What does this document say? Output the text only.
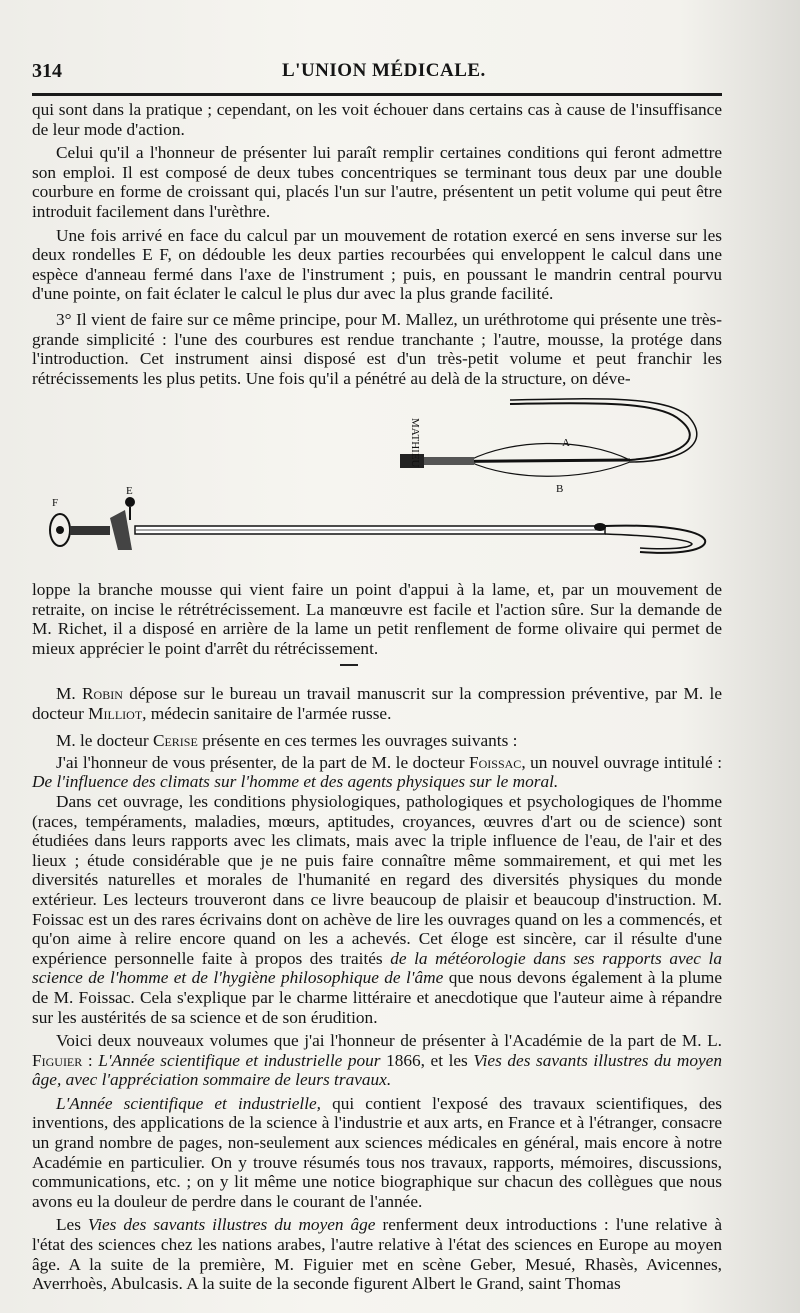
314	L'UNION MÉDICALE.

qui sont dans la pratique ; cependant, on les voit échouer dans certains cas à cause de l'insuffisance de leur mode d'action.

Celui qu'il a l'honneur de présenter lui paraît remplir certaines conditions qui feront admettre son emploi. Il est composé de deux tubes concentriques se terminant tous deux par une double courbure en forme de croissant qui, placés l'un sur l'autre, présentent un petit volume qui peut être introduit facilement dans l'urèthre.

Une fois arrivé en face du calcul par un mouvement de rotation exercé en sens inverse sur les deux rondelles E F, on dédouble les deux parties recourbées qui enveloppent le calcul dans une espèce d'anneau fermé dans l'axe de l'instrument ; puis, en poussant le mandrin central pourvu d'une pointe, on fait éclater le calcul le plus dur avec la plus grande facilité.

3° Il vient de faire sur ce même principe, pour M. Mallez, un uréthrotome qui présente une très-grande simplicité : l'une des courbures est rendue tranchante ; l'autre, mousse, la protége dans l'introduction. Cet instrument ainsi disposé est d'un très-petit volume et peut franchir les rétrécissements les plus petits. Une fois qu'il a pénétré au delà de la structure, on déve-

MATHIEU	A
B
E
F

loppe la branche mousse qui vient faire un point d'appui à la lame, et, par un mouvement de retraite, on incise le rétrétrécissement. La manœuvre est facile et l'action sûre. Sur la demande de M. Richet, il a disposé en arrière de la lame un petit renflement de forme olivaire qui permet de mieux apprécier le point d'arrêt du rétrécissement.

M. Robin dépose sur le bureau un travail manuscrit sur la compression préventive, par M. le docteur Milliot, médecin sanitaire de l'armée russe.

M. le docteur Cerise présente en ces termes les ouvrages suivants :

J'ai l'honneur de vous présenter, de la part de M. le docteur Foissac, un nouvel ouvrage intitulé : De l'influence des climats sur l'homme et des agents physiques sur le moral.

Dans cet ouvrage, les conditions physiologiques, pathologiques et psychologiques de l'homme (races, tempéraments, maladies, mœurs, aptitudes, croyances, œuvres d'art ou de science) sont étudiées dans leurs rapports avec les climats, mais avec la triple influence de l'eau, de l'air et des lieux ; étude considérable que je ne puis faire connaître même sommairement, et qui met les diversités naturelles et morales de l'humanité en regard des diversités physiques du monde extérieur. Les lecteurs trouveront dans ce livre beaucoup de plaisir et beaucoup d'instruction. M. Foissac est un des rares écrivains dont on achève de lire les ouvrages quand on les a commencés, et qu'on aime à relire encore quand on les a achevés. Cet éloge est sincère, car il résulte d'une expérience personnelle faite à propos des traités de la météorologie dans ses rapports avec la science de l'homme et de l'hygiène philosophique de l'âme que nous devons également à la plume de M. Foissac. Cela s'explique par le charme littéraire et anecdotique que l'auteur aime à répandre sur les austérités de sa science et de son érudition.

Voici deux nouveaux volumes que j'ai l'honneur de présenter à l'Académie de la part de M. L. Figuier : L'Année scientifique et industrielle pour 1866, et les Vies des savants illustres du moyen âge, avec l'appréciation sommaire de leurs travaux.

L'Année scientifique et industrielle, qui contient l'exposé des travaux scientifiques, des inventions, des applications de la science à l'industrie et aux arts, en France et à l'étranger, consacre un grand nombre de pages, non-seulement aux sciences médicales en général, mais encore à notre Académie en particulier. On y trouve résumés tous nos travaux, rapports, mémoires, discussions, communications, etc. ; on y lit même une notice biographique sur chacun des collègues que nous avons eu la douleur de perdre dans le courant de l'année.

Les Vies des savants illustres du moyen âge renferment deux introductions : l'une relative à l'état des sciences chez les nations arabes, l'autre relative à l'état des sciences en Europe au moyen âge. A la suite de la première, M. Figuier met en scène Geber, Mesué, Rhasès, Avicennes, Averrhoès, Abulcasis. A la suite de la seconde figurent Albert le Grand, saint Thomas
